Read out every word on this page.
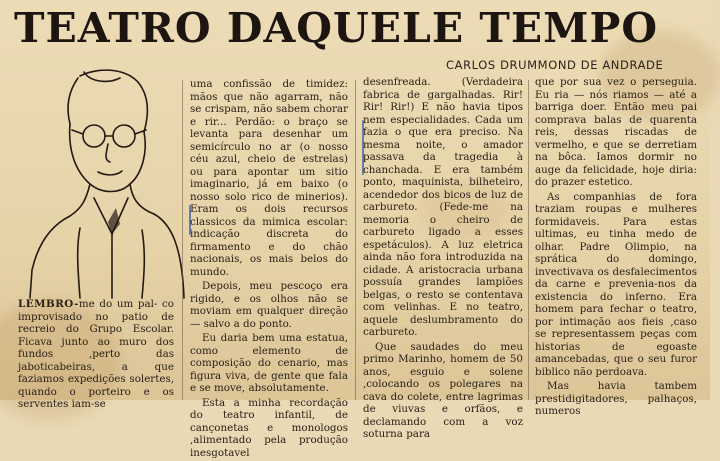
TEATRO DAQUELE TEMPO
CARLOS DRUMMOND DE ANDRADE

LEMBRO-me do um pal- co improvisado no patio de recreio do Grupo Escolar. Ficava junto ao muro dos fundos ,perto das jaboticabeiras, a que faziamos expedições solertes, quando o porteiro e os serventes iam-se

uma confissão de timidez: mãos que não agarram, não se crispam, não sabem chorar e rir... Perdão: o braço se levanta para desenhar um semicírculo no ar (o nosso céu azul, cheio de estrelas) ou para apontar um sitio imaginario, já em baixo (o nosso solo rico de minerios). Eram os dois recursos classicos da mimica escolar: indicação discreta do firmamento e do chão nacionais, os mais belos do mundo.

Depois, meu pescoço era rigido, e os olhos não se moviam em qualquer direção — salvo a do ponto.

Eu daria bem uma estatua, como elemento de composição do cenario, mas figura viva, de gente que fala e se move, absolutamente.

Esta a minha recordação do teatro infantil, de cançonetas e monologos ,alimentado pela produção inesgotavel

desenfreada. (Verdadeira fabrica de gargalhadas. Rir! Rir! Rir!) E não havia tipos nem especialidades. Cada um fazia o que era preciso. Na mesma noite, o amador passava da tragedia à chanchada. E era também ponto, maquinista, bilheteiro, acendedor dos bicos de luz de carbureto. (Fede-me na memoria o cheiro de carbureto ligado a esses espetáculos). A luz eletrica ainda não fora introduzida na cidade. A aristocracia urbana possuía grandes lampiões belgas, o resto se contentava com velinhas. E no teatro, aquele deslumbramento do carbureto.

Que saudades do meu primo Marinho, homem de 50 anos, esguio e solene ,colocando os polegares na cava do colete, entre lagrimas de viuvas e orfãos, e declamando com a voz soturna para

que por sua vez o perseguia. Eu ria — nós riamos — até a barriga doer. Então meu pai comprava balas de quarenta reis, dessas riscadas de vermelho, e que se derretiam na bôca. Iamos dormir no auge da felicidade, hoje diria: do prazer estetico.

As companhias de fora traziam roupas e mulheres formidaveis. Para estas ultimas, eu tinha medo de olhar. Padre Olimpio, na sprática do domingo, invectivava os desfalecimentos da carne e prevenia-nos da existencia do inferno. Era homem para fechar o teatro, por intimação aos fieis ,caso se representassem peças com historias de egoaste amancebadas, que o seu furor biblico não perdoava.

Mas havia tambem prestidigitadores, palhaços, numeros
